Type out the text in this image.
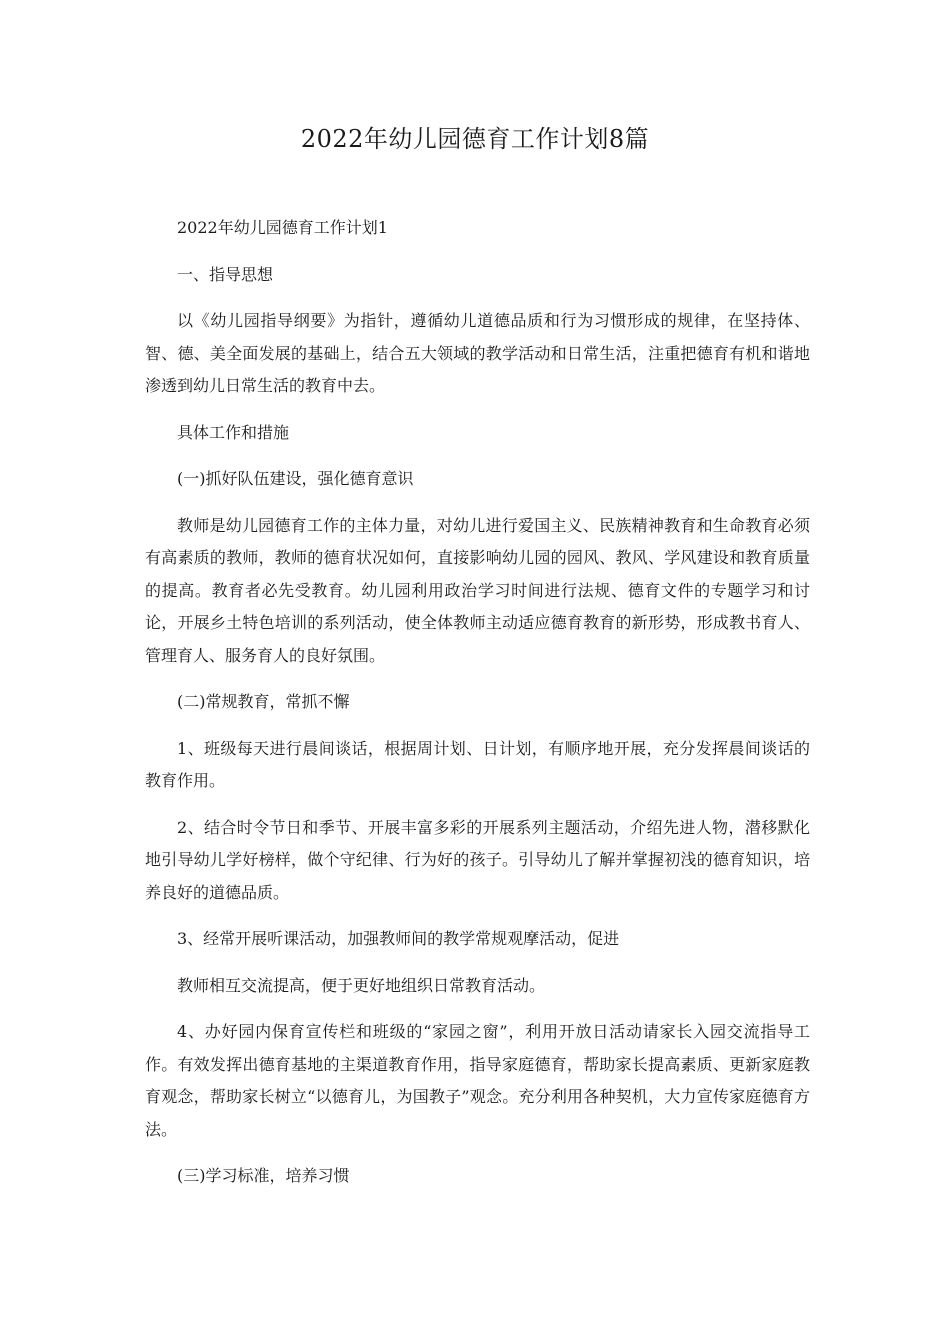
2022年幼儿园德育工作计划8篇

2022年幼儿园德育工作计划1

一、指导思想

以《幼儿园指导纲要》为指针，遵循幼儿道德品质和行为习惯形成的规律，在坚持体、智、德、美全面发展的基础上，结合五大领域的教学活动和日常生活，注重把德育有机和谐地渗透到幼儿日常生活的教育中去。

具体工作和措施

(一)抓好队伍建设，强化德育意识

教师是幼儿园德育工作的主体力量，对幼儿进行爱国主义、民族精神教育和生命教育必须有高素质的教师，教师的德育状况如何，直接影响幼儿园的园风、教风、学风建设和教育质量的提高。教育者必先受教育。幼儿园利用政治学习时间进行法规、德育文件的专题学习和讨论，开展乡土特色培训的系列活动，使全体教师主动适应德育教育的新形势，形成教书育人、管理育人、服务育人的良好氛围。

(二)常规教育，常抓不懈

1、班级每天进行晨间谈话，根据周计划、日计划，有顺序地开展，充分发挥晨间谈话的教育作用。

2、结合时令节日和季节、开展丰富多彩的开展系列主题活动，介绍先进人物，潜移默化地引导幼儿学好榜样，做个守纪律、行为好的孩子。引导幼儿了解并掌握初浅的德育知识，培养良好的道德品质。

3、经常开展听课活动，加强教师间的教学常规观摩活动，促进

教师相互交流提高，便于更好地组织日常教育活动。

4、办好园内保育宣传栏和班级的“家园之窗”，利用开放日活动请家长入园交流指导工作。有效发挥出德育基地的主渠道教育作用，指导家庭德育，帮助家长提高素质、更新家庭教育观念，帮助家长树立“以德育儿，为国教子”观念。充分利用各种契机，大力宣传家庭德育方法。

(三)学习标准，培养习惯
